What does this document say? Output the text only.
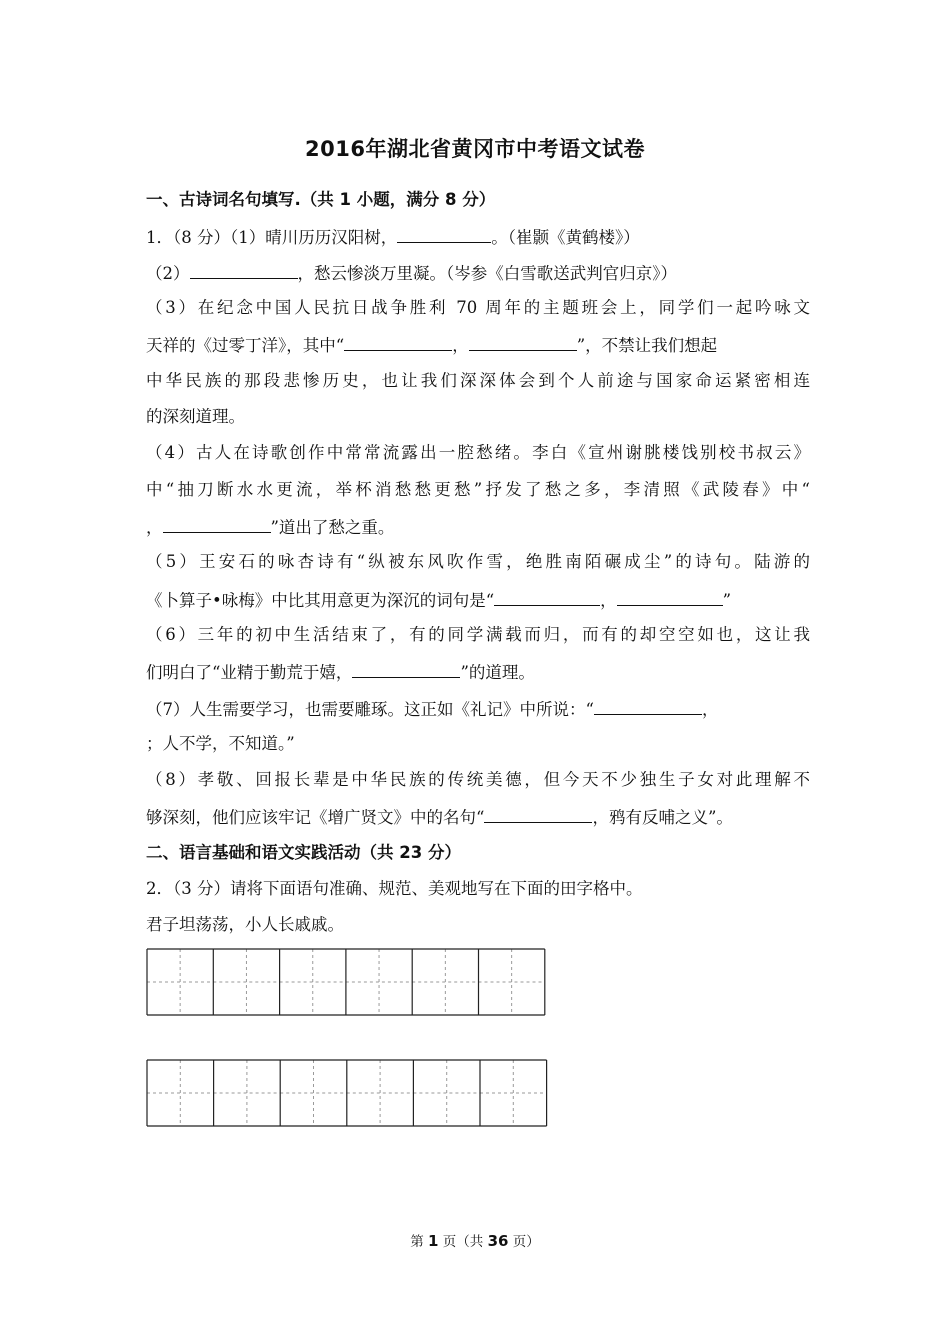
2016年湖北省黄冈市中考语文试卷
一、古诗词名句填写.（共 1 小题，满分 8 分）
1．（8 分）（1）晴川历历汉阳树，	。（崔颢《黄鹤楼》）
（2）	，愁云惨淡万里凝。（岑参《白雪歌送武判官归京》）
（3）在纪念中国人民抗日战争胜利 70 周年的主题班会上，同学们一起吟咏文
天祥的《过零丁洋》，其中“	，	”，不禁让我们想起
中华民族的那段悲惨历史，也让我们深深体会到个人前途与国家命运紧密相连
的深刻道理。
（4）古人在诗歌创作中常常流露出一腔愁绪。李白《宣州谢朓楼饯别校书叔云》
中“抽刀断水水更流，举杯消愁愁更愁”抒发了愁之多，李清照《武陵春》中“
，	”道出了愁之重。
（5）王安石的咏杏诗有“纵被东风吹作雪，绝胜南陌碾成尘”的诗句。陆游的
《卜算子•咏梅》中比其用意更为深沉的词句是“	，	”
（6）三年的初中生活结束了，有的同学满载而归，而有的却空空如也，这让我
们明白了“业精于勤荒于嬉，	”的道理。
（7）人生需要学习，也需要雕琢。这正如《礼记》中所说：“	，
；人不学，不知道。”
（8）孝敬、回报长辈是中华民族的传统美德，但今天不少独生子女对此理解不
够深刻，他们应该牢记《增广贤文》中的名句“	，鸦有反哺之义”。
二、语言基础和语文实践活动（共 23 分）
2．（3 分）请将下面语句准确、规范、美观地写在下面的田字格中。
君子坦荡荡，小人长戚戚。
第 1 页（共 36 页）
